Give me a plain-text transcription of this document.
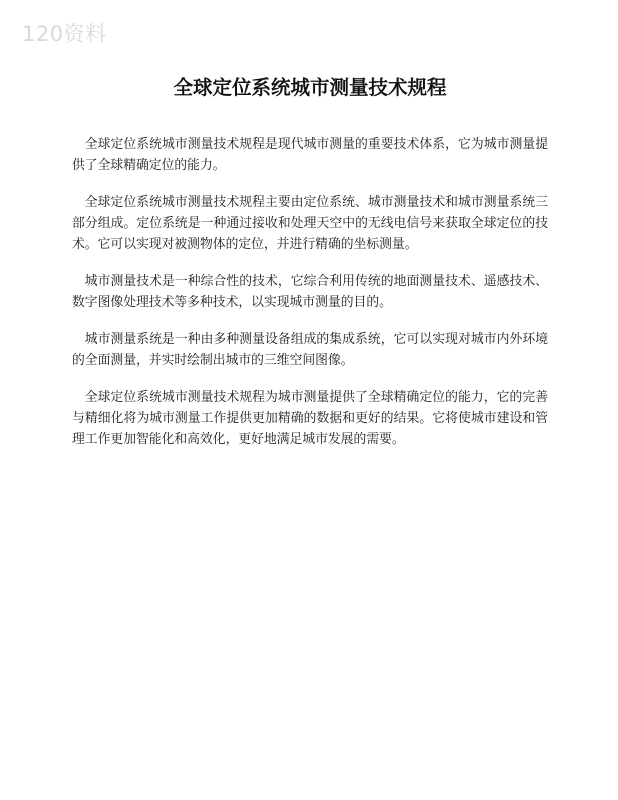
120资料
全球定位系统城市测量技术规程

全球定位系统城市测量技术规程是现代城市测量的重要技术体系，它为城市测量提供了全球精确定位的能力。

全球定位系统城市测量技术规程主要由定位系统、城市测量技术和城市测量系统三部分组成。定位系统是一种通过接收和处理天空中的无线电信号来获取全球定位的技术。它可以实现对被测物体的定位，并进行精确的坐标测量。

城市测量技术是一种综合性的技术，它综合利用传统的地面测量技术、遥感技术、数字图像处理技术等多种技术，以实现城市测量的目的。

城市测量系统是一种由多种测量设备组成的集成系统，它可以实现对城市内外环境的全面测量，并实时绘制出城市的三维空间图像。

全球定位系统城市测量技术规程为城市测量提供了全球精确定位的能力，它的完善与精细化将为城市测量工作提供更加精确的数据和更好的结果。它将使城市建设和管理工作更加智能化和高效化，更好地满足城市发展的需要。
